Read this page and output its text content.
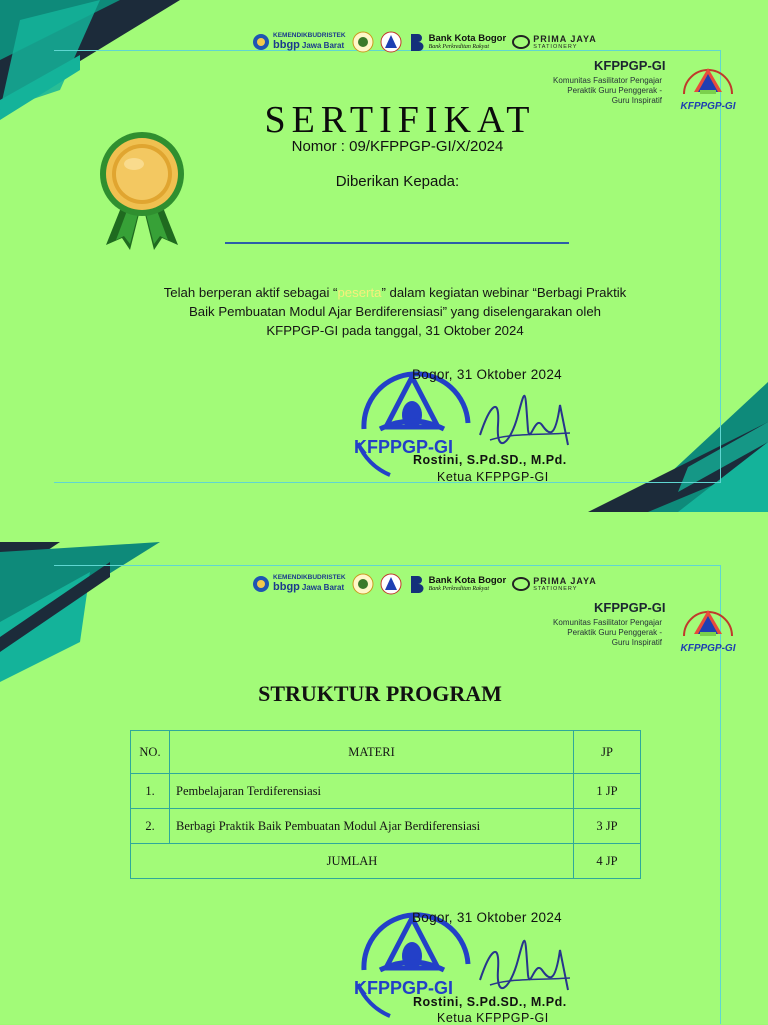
KEMENDIKBUDRISTEK
bbgp Jawa Barat
Bank Kota Bogor
Bank Perkreditan Rakyat
PRIMA JAYA
STATIONERY
KFPPGP-GI
Komunitas Fasilitator Pengajar
Peraktik Guru Penggerak -
Guru Inspiratif
KFPPGP-GI
SERTIFIKAT
Nomor : 09/KFPPGP-GI/X/2024
Diberikan Kepada:
Telah berperan aktif sebagai “peserta” dalam kegiatan webinar “Berbagi Praktik Baik Pembuatan Modul Ajar Berdiferensiasi” yang diselengarakan oleh KFPPGP-GI pada tanggal, 31 Oktober 2024
KFPPGP-GI
Bogor, 31 Oktober 2024
Rostini, S.Pd.SD., M.Pd.
Ketua KFPPGP-GI
KEMENDIKBUDRISTEK
bbgp Jawa Barat
Bank Kota Bogor
Bank Perkreditan Rakyat
PRIMA JAYA
STATIONERY
KFPPGP-GI
Komunitas Fasilitator Pengajar
Peraktik Guru Penggerak -
Guru Inspiratif
KFPPGP-GI
STRUKTUR PROGRAM
NO.	MATERI	JP
1.	Pembelajaran Terdiferensiasi	1 JP
2.	Berbagi Praktik Baik Pembuatan Modul Ajar Berdiferensiasi	3 JP
JUMLAH		4 JP
KFPPGP-GI
Bogor, 31 Oktober 2024
Rostini, S.Pd.SD., M.Pd.
Ketua KFPPGP-GI
